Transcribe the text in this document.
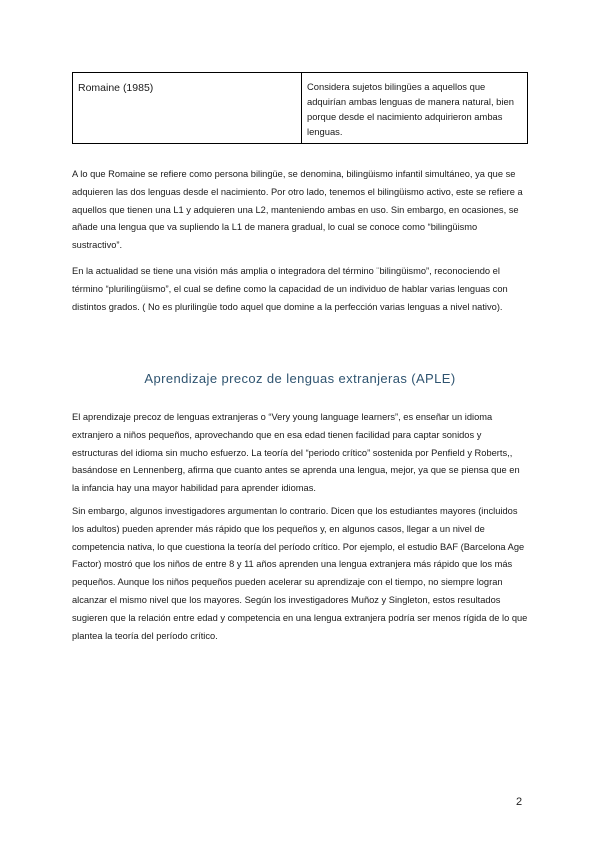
Romaine (1985)	Considera sujetos bilingües a aquellos que adquirían ambas lenguas de manera natural, bien porque desde el nacimiento adquirieron ambas lenguas.

A lo que Romaine se refiere como persona bilingüe, se denomina, bilingüismo infantil simultáneo, ya que se adquieren las dos lenguas desde el nacimiento. Por otro lado, tenemos el bilingüismo activo, este se refiere a aquellos que tienen una L1 y adquieren una L2, manteniendo ambas en uso. Sin embargo, en ocasiones, se añade una lengua que va supliendo la L1 de manera gradual, lo cual se conoce como “bilingüismo sustractivo”.

En la actualidad se tiene una visión más amplia o integradora del término ¨bilingüismo”, reconociendo el término “plurilingüismo”, el cual se define como la capacidad de un individuo de hablar varias lenguas con distintos grados. ( No es plurilingüe todo aquel que domine a la perfección varias lenguas a nivel nativo).

Aprendizaje precoz de lenguas extranjeras (APLE)

El aprendizaje precoz de lenguas extranjeras o “Very young language learners”, es enseñar un idioma extranjero a niños pequeños, aprovechando que en esa edad tienen facilidad para captar sonidos y estructuras del idioma sin mucho esfuerzo. La teoría del “periodo crítico” sostenida por Penfield y Roberts,, basándose en Lennenberg, afirma que cuanto antes se aprenda una lengua, mejor, ya que se piensa que en la infancia hay una mayor habilidad para aprender idiomas.

Sin embargo, algunos investigadores argumentan lo contrario. Dicen que los estudiantes mayores (incluidos los adultos) pueden aprender más rápido que los pequeños y, en algunos casos, llegar a un nivel de competencia nativa, lo que cuestiona la teoría del período crítico. Por ejemplo, el estudio BAF (Barcelona Age Factor) mostró que los niños de entre 8 y 11 años aprenden una lengua extranjera más rápido que los más pequeños. Aunque los niños pequeños pueden acelerar su aprendizaje con el tiempo, no siempre logran alcanzar el mismo nivel que los mayores. Según los investigadores Muñoz y Singleton, estos resultados sugieren que la relación entre edad y competencia en una lengua extranjera podría ser menos rígida de lo que plantea la teoría del período crítico.

2
